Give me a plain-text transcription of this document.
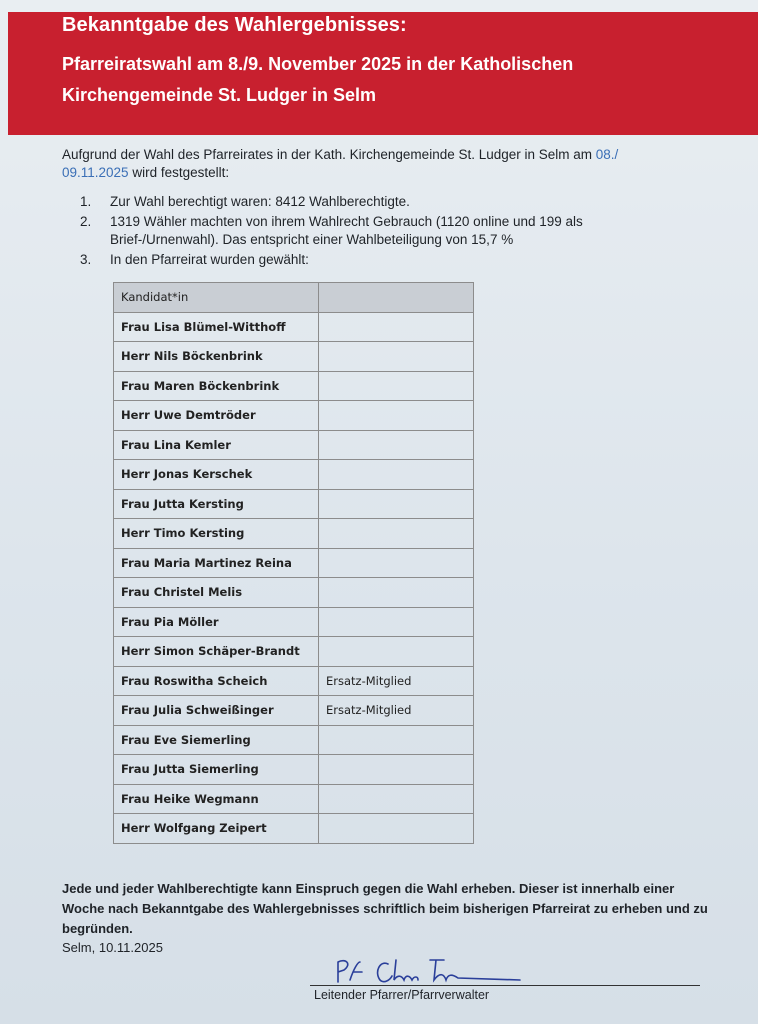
Bekanntgabe des Wahlergebnisses:
Pfarreiratswahl am 8./9. November 2025 in der Katholischen
Kirchengemeinde St. Ludger in Selm
Aufgrund der Wahl des Pfarreirates in der Kath. Kirchengemeinde St. Ludger in Selm am 08./
09.11.2025 wird festgestellt:
1.	Zur Wahl berechtigt waren: 8412 Wahlberechtigte.
2.	1319 Wähler machten von ihrem Wahlrecht Gebrauch (1120 online und 199 als Brief-/Urnenwahl). Das entspricht einer Wahlbeteiligung von 15,7 %
3.	In den Pfarreirat wurden gewählt:
Kandidat*in	
Frau Lisa Blümel-Witthoff	
Herr Nils Böckenbrink	
Frau Maren Böckenbrink	
Herr Uwe Demtröder	
Frau Lina Kemler	
Herr Jonas Kerschek	
Frau Jutta Kersting	
Herr Timo Kersting	
Frau Maria Martinez Reina	
Frau Christel Melis	
Frau Pia Möller	
Herr Simon Schäper-Brandt	
Frau Roswitha Scheich	Ersatz-Mitglied
Frau Julia Schweißinger	Ersatz-Mitglied
Frau Eve Siemerling	
Frau Jutta Siemerling	
Frau Heike Wegmann	
Herr Wolfgang Zeipert	
Jede und jeder Wahlberechtigte kann Einspruch gegen die Wahl erheben. Dieser ist innerhalb einer Woche nach Bekanntgabe des Wahlergebnisses schriftlich beim bisherigen Pfarreirat zu erheben und zu begründen.
Selm, 10.11.2025
Leitender Pfarrer/Pfarrverwalter
